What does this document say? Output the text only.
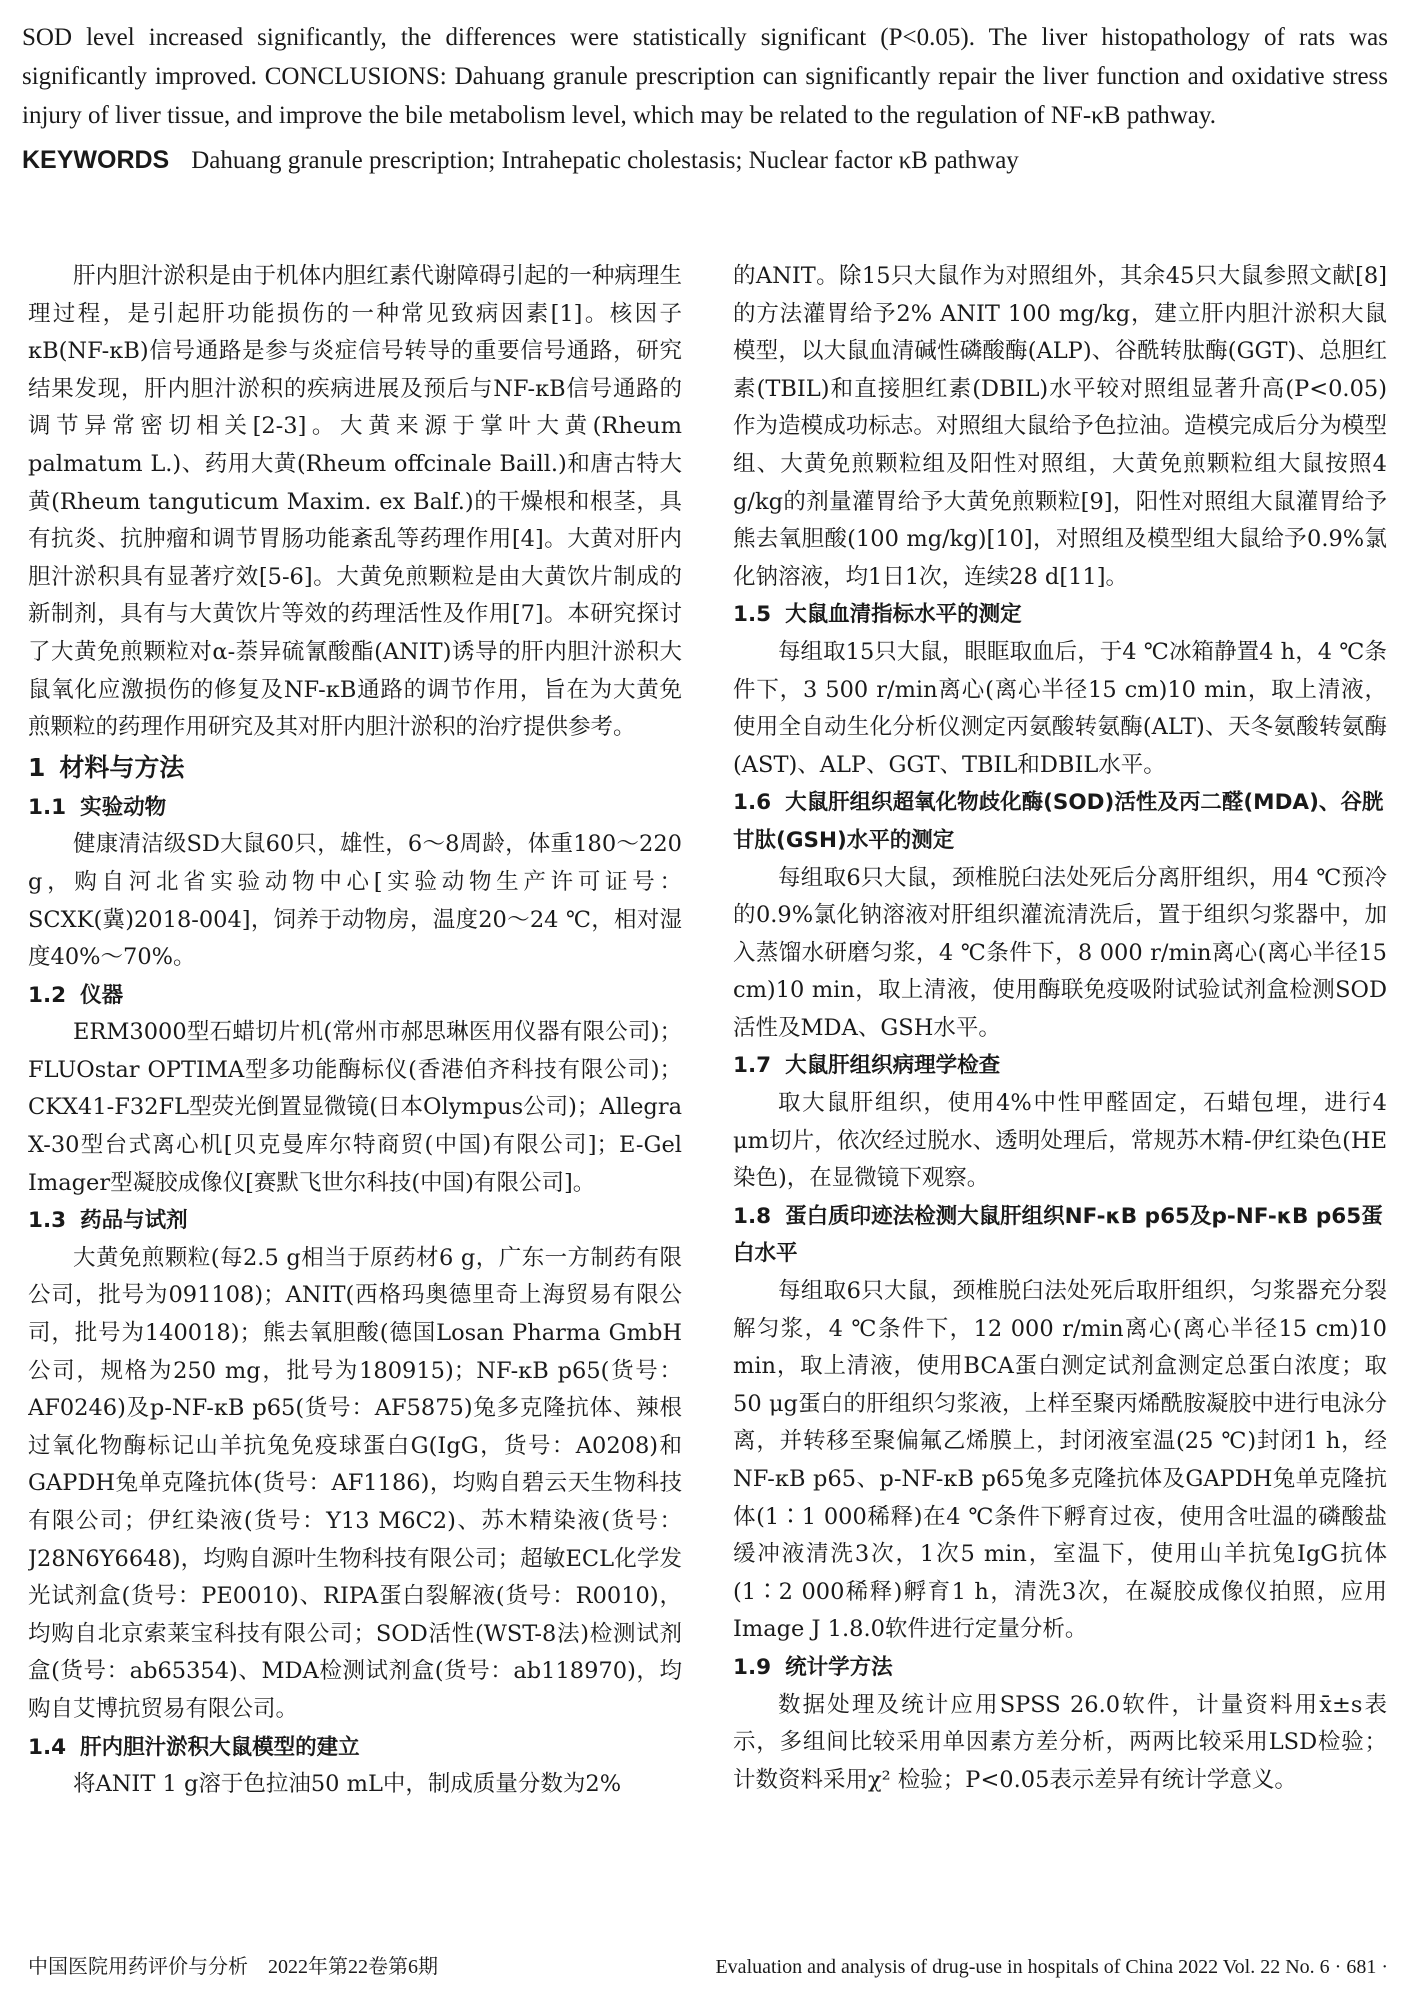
SOD level increased significantly, the differences were statistically significant (P<0.05). The liver histopathology of rats was significantly improved. CONCLUSIONS: Dahuang granule prescription can significantly repair the liver function and oxidative stress injury of liver tissue, and improve the bile metabolism level, which may be related to the regulation of NF-κB pathway.

KEYWORDS Dahuang granule prescription; Intrahepatic cholestasis; Nuclear factor κB pathway

肝内胆汁淤积是由于机体内胆红素代谢障碍引起的一种病理生理过程，是引起肝功能损伤的一种常见致病因素[1]。核因子κB(NF-κB)信号通路是参与炎症信号转导的重要信号通路，研究结果发现，肝内胆汁淤积的疾病进展及预后与NF-κB信号通路的调节异常密切相关[2-3]。大黄来源于掌叶大黄(Rheum palmatum L.)、药用大黄(Rheum offcinale Baill.)和唐古特大黄(Rheum tanguticum Maxim. ex Balf.)的干燥根和根茎，具有抗炎、抗肿瘤和调节胃肠功能紊乱等药理作用[4]。大黄对肝内胆汁淤积具有显著疗效[5-6]。大黄免煎颗粒是由大黄饮片制成的新制剂，具有与大黄饮片等效的药理活性及作用[7]。本研究探讨了大黄免煎颗粒对α-萘异硫氰酸酯(ANIT)诱导的肝内胆汁淤积大鼠氧化应激损伤的修复及NF-κB通路的调节作用，旨在为大黄免煎颗粒的药理作用研究及其对肝内胆汁淤积的治疗提供参考。

1 材料与方法
1.1 实验动物

健康清洁级SD大鼠60只，雄性，6～8周龄，体重180～220 g，购自河北省实验动物中心[实验动物生产许可证号：SCXK(冀)2018-004]，饲养于动物房，温度20～24 ℃，相对湿度40%～70%。

1.2 仪器

ERM3000型石蜡切片机(常州市郝思琳医用仪器有限公司)；FLUOstar OPTIMA型多功能酶标仪(香港伯齐科技有限公司)；CKX41-F32FL型荧光倒置显微镜(日本Olympus公司)；Allegra X-30型台式离心机[贝克曼库尔特商贸(中国)有限公司]；E-Gel Imager型凝胶成像仪[赛默飞世尔科技(中国)有限公司]。

1.3 药品与试剂

大黄免煎颗粒(每2.5 g相当于原药材6 g，广东一方制药有限公司，批号为091108)；ANIT(西格玛奥德里奇上海贸易有限公司，批号为140018)；熊去氧胆酸(德国Losan Pharma GmbH公司，规格为250 mg，批号为180915)；NF-κB p65(货号：AF0246)及p-NF-κB p65(货号：AF5875)兔多克隆抗体、辣根过氧化物酶标记山羊抗兔免疫球蛋白G(IgG，货号：A0208)和GAPDH兔单克隆抗体(货号：AF1186)，均购自碧云天生物科技有限公司；伊红染液(货号：Y13 M6C2)、苏木精染液(货号：J28N6Y6648)，均购自源叶生物科技有限公司；超敏ECL化学发光试剂盒(货号：PE0010)、RIPA蛋白裂解液(货号：R0010)，均购自北京索莱宝科技有限公司；SOD活性(WST-8法)检测试剂盒(货号：ab65354)、MDA检测试剂盒(货号：ab118970)，均购自艾博抗贸易有限公司。

1.4 肝内胆汁淤积大鼠模型的建立

将ANIT 1 g溶于色拉油50 mL中，制成质量分数为2%

的ANIT。除15只大鼠作为对照组外，其余45只大鼠参照文献[8]的方法灌胃给予2% ANIT 100 mg/kg，建立肝内胆汁淤积大鼠模型，以大鼠血清碱性磷酸酶(ALP)、谷酰转肽酶(GGT)、总胆红素(TBIL)和直接胆红素(DBIL)水平较对照组显著升高(P<0.05)作为造模成功标志。对照组大鼠给予色拉油。造模完成后分为模型组、大黄免煎颗粒组及阳性对照组，大黄免煎颗粒组大鼠按照4 g/kg的剂量灌胃给予大黄免煎颗粒[9]，阳性对照组大鼠灌胃给予熊去氧胆酸(100 mg/kg)[10]，对照组及模型组大鼠给予0.9%氯化钠溶液，均1日1次，连续28 d[11]。

1.5 大鼠血清指标水平的测定

每组取15只大鼠，眼眶取血后，于4 ℃冰箱静置4 h，4 ℃条件下，3 500 r/min离心(离心半径15 cm)10 min，取上清液，使用全自动生化分析仪测定丙氨酸转氨酶(ALT)、天冬氨酸转氨酶(AST)、ALP、GGT、TBIL和DBIL水平。

1.6 大鼠肝组织超氧化物歧化酶(SOD)活性及丙二醛(MDA)、谷胱甘肽(GSH)水平的测定

每组取6只大鼠，颈椎脱臼法处死后分离肝组织，用4 ℃预冷的0.9%氯化钠溶液对肝组织灌流清洗后，置于组织匀浆器中，加入蒸馏水研磨匀浆，4 ℃条件下，8 000 r/min离心(离心半径15 cm)10 min，取上清液，使用酶联免疫吸附试验试剂盒检测SOD活性及MDA、GSH水平。

1.7 大鼠肝组织病理学检查

取大鼠肝组织，使用4%中性甲醛固定，石蜡包埋，进行4 μm切片，依次经过脱水、透明处理后，常规苏木精-伊红染色(HE染色)，在显微镜下观察。

1.8 蛋白质印迹法检测大鼠肝组织NF-κB p65及p-NF-κB p65蛋白水平

每组取6只大鼠，颈椎脱臼法处死后取肝组织，匀浆器充分裂解匀浆，4 ℃条件下，12 000 r/min离心(离心半径15 cm)10 min，取上清液，使用BCA蛋白测定试剂盒测定总蛋白浓度；取50 μg蛋白的肝组织匀浆液，上样至聚丙烯酰胺凝胶中进行电泳分离，并转移至聚偏氟乙烯膜上，封闭液室温(25 ℃)封闭1 h，经NF-κB p65、p-NF-κB p65兔多克隆抗体及GAPDH兔单克隆抗体(1∶1 000稀释)在4 ℃条件下孵育过夜，使用含吐温的磷酸盐缓冲液清洗3次，1次5 min，室温下，使用山羊抗兔IgG抗体(1∶2 000稀释)孵育1 h，清洗3次，在凝胶成像仪拍照，应用Image J 1.8.0软件进行定量分析。

1.9 统计学方法

数据处理及统计应用SPSS 26.0软件，计量资料用x̄±s表示，多组间比较采用单因素方差分析，两两比较采用LSD检验；计数资料采用χ² 检验；P<0.05表示差异有统计学意义。

中国医院用药评价与分析　2022年第22卷第6期	Evaluation and analysis of drug-use in hospitals of China 2022 Vol. 22 No. 6 · 681 ·
